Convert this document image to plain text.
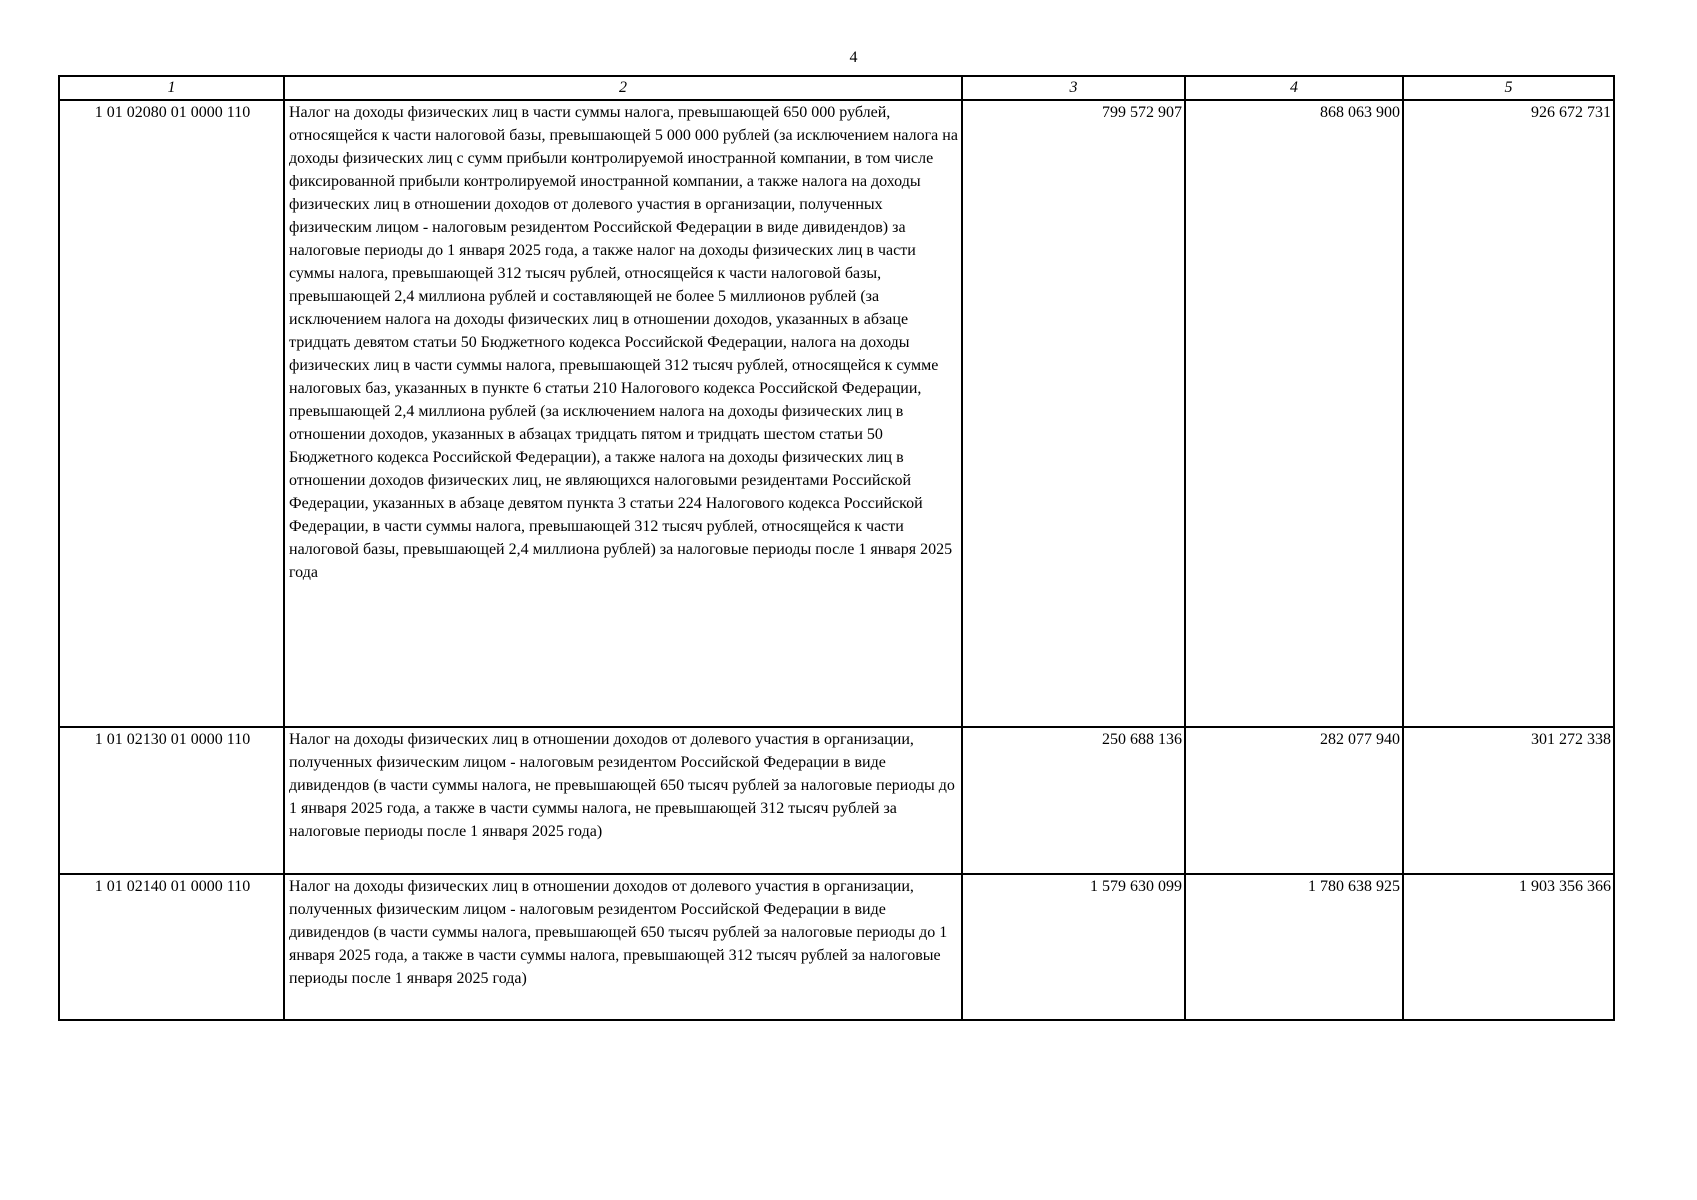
4
1	2	3	4	5
1 01 02080 01 0000 110	Налог на доходы физических лиц в части суммы налога, превышающей 650 000 рублей, относящейся к части налоговой базы, превышающей 5 000 000 рублей (за исключением налога на доходы физических лиц с сумм прибыли контролируемой иностранной компании, в том числе фиксированной прибыли контролируемой иностранной компании, а также налога на доходы физических лиц в отношении доходов от долевого участия в организации, полученных физическим лицом - налоговым резидентом Российской Федерации в виде дивидендов) за налоговые периоды до 1 января 2025 года, а также налог на доходы физических лиц в части суммы налога, превышающей 312 тысяч рублей, относящейся к части налоговой базы, превышающей 2,4 миллиона рублей и составляющей не более 5 миллионов рублей (за исключением налога на доходы физических лиц в отношении доходов, указанных в абзаце тридцать девятом статьи 50 Бюджетного кодекса Российской Федерации, налога на доходы физических лиц в части суммы налога, превышающей 312 тысяч рублей, относящейся к сумме налоговых баз, указанных в пункте 6 статьи 210 Налогового кодекса Российской Федерации, превышающей 2,4 миллиона рублей (за исключением налога на доходы физических лиц в отношении доходов, указанных в абзацах тридцать пятом и тридцать шестом статьи 50 Бюджетного кодекса Российской Федерации), а также налога на доходы физических лиц в отношении доходов физических лиц, не являющихся налоговыми резидентами Российской Федерации, указанных в абзаце девятом пункта 3 статьи 224 Налогового кодекса Российской Федерации, в части суммы налога, превышающей 312 тысяч рублей, относящейся к части налоговой базы, превышающей 2,4 миллиона рублей) за налоговые периоды после 1 января 2025 года	799 572 907	868 063 900	926 672 731
1 01 02130 01 0000 110	Налог на доходы физических лиц в отношении доходов от долевого участия в организации, полученных физическим лицом - налоговым резидентом Российской Федерации в виде дивидендов (в части суммы налога, не превышающей 650 тысяч рублей за налоговые периоды до 1 января 2025 года, а также в части суммы налога, не превышающей 312 тысяч рублей за налоговые периоды после 1 января 2025 года)	250 688 136	282 077 940	301 272 338
1 01 02140 01 0000 110	Налог на доходы физических лиц в отношении доходов от долевого участия в организации, полученных физическим лицом - налоговым резидентом Российской Федерации в виде дивидендов (в части суммы налога, превышающей 650 тысяч рублей за налоговые периоды до 1 января 2025 года, а также в части суммы налога, превышающей 312 тысяч рублей за налоговые периоды после 1 января 2025 года)	1 579 630 099	1 780 638 925	1 903 356 366
